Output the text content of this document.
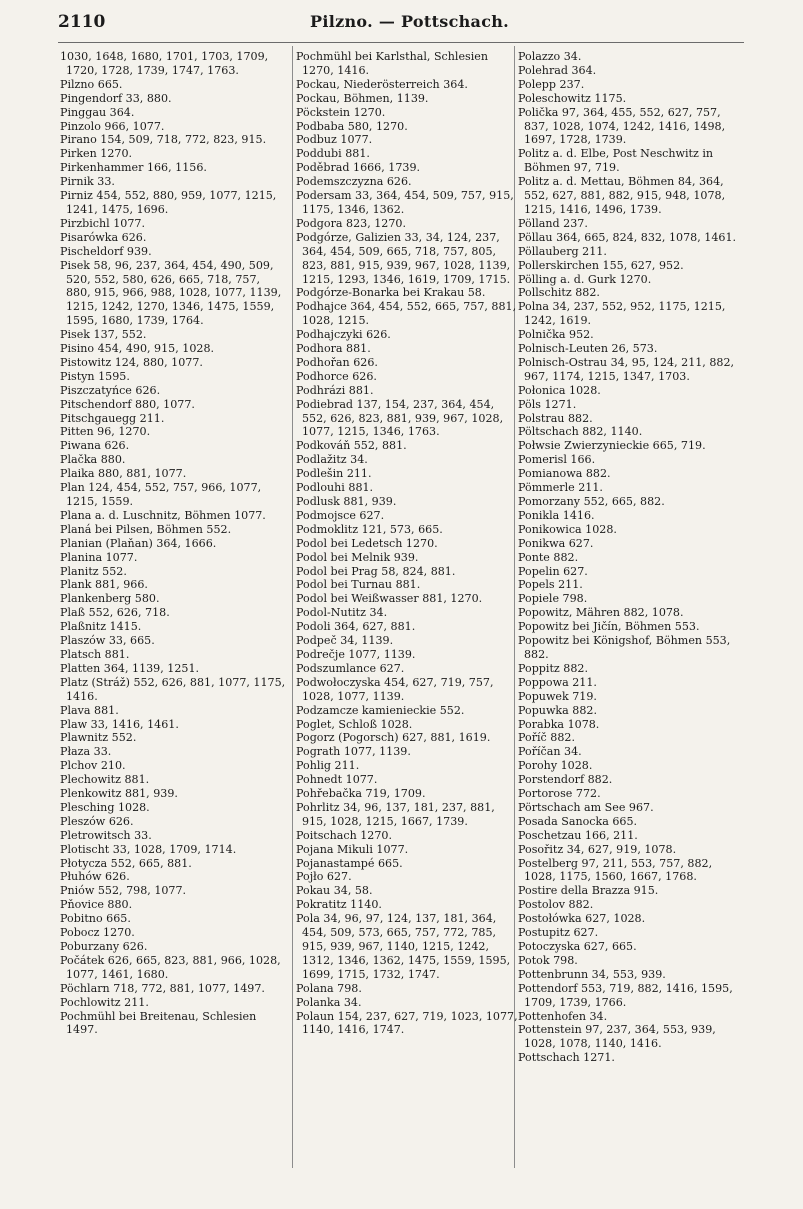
2110	Pilzno. — Pottschach.
1030, 1648, 1680, 1701, 1703, 1709, 1720, 1728, 1739, 1747, 1763.
Pilzno 665.
Pingendorf 33, 880.
Pinggau 364.
Pinzolo 966, 1077.
Pirano 154, 509, 718, 772, 823, 915.
Pirken 1270.
Pirkenhammer 166, 1156.
Pirnik 33.
Pirniz 454, 552, 880, 959, 1077, 1215, 1241, 1475, 1696.
Pirzbichl 1077.
Pisarówka 626.
Pischeldorf 939.
Pisek 58, 96, 237, 364, 454, 490, 509, 520, 552, 580, 626, 665, 718, 757, 880, 915, 966, 988, 1028, 1077, 1139, 1215, 1242, 1270, 1346, 1475, 1559, 1595, 1680, 1739, 1764.
Pisek 137, 552.
Pisino 454, 490, 915, 1028.
Pistowitz 124, 880, 1077.
Pistyn 1595.
Piszczatyńce 626.
Pitschendorf 880, 1077.
Pitschgauegg 211.
Pitten 96, 1270.
Piwana 626.
Plačka 880.
Plaika 880, 881, 1077.
Plan 124, 454, 552, 757, 966, 1077, 1215, 1559.
Plana a. d. Luschnitz, Böhmen 1077.
Planá bei Pilsen, Böhmen 552.
Planian (Plaňan) 364, 1666.
Planina 1077.
Planitz 552.
Plank 881, 966.
Plankenberg 580.
Plaß 552, 626, 718.
Plaßnitz 1415.
Plaszów 33, 665.
Platsch 881.
Platten 364, 1139, 1251.
Platz (Stráž) 552, 626, 881, 1077, 1175, 1416.
Plava 881.
Plaw 33, 1416, 1461.
Plawnitz 552.
Płaza 33.
Plchov 210.
Plechowitz 881.
Plenkowitz 881, 939.
Plesching 1028.
Pleszów 626.
Pletrowitsch 33.
Plotischt 33, 1028, 1709, 1714.
Płotycza 552, 665, 881.
Płuhów 626.
Pniów 552, 798, 1077.
Pňovice 880.
Pobitno 665.
Pobocz 1270.
Poburzany 626.
Počátek 626, 665, 823, 881, 966, 1028, 1077, 1461, 1680.
Pöchlarn 718, 772, 881, 1077, 1497.
Pochlowitz 211.
Pochmühl bei Breitenau, Schlesien 1497.
Pochmühl bei Karlsthal, Schlesien 1270, 1416.
Pockau, Niederösterreich 364.
Pockau, Böhmen, 1139.
Pöckstein 1270.
Podbaba 580, 1270.
Podbuz 1077.
Poddubi 881.
Poděbrad 1666, 1739.
Podemszczyzna 626.
Podersam 33, 364, 454, 509, 757, 915, 1175, 1346, 1362.
Podgora 823, 1270.
Podgórze, Galizien 33, 34, 124, 237, 364, 454, 509, 665, 718, 757, 805, 823, 881, 915, 939, 967, 1028, 1139, 1215, 1293, 1346, 1619, 1709, 1715.
Podgórze-Bonarka bei Krakau 58.
Podhajce 364, 454, 552, 665, 757, 881, 1028, 1215.
Podhajczyki 626.
Podhora 881.
Podhořan 626.
Podhorce 626.
Podhrázi 881.
Podiebrad 137, 154, 237, 364, 454, 552, 626, 823, 881, 939, 967, 1028, 1077, 1215, 1346, 1763.
Podkováň 552, 881.
Podlažitz 34.
Podlešin 211.
Podlouhi 881.
Podlusk 881, 939.
Podmojsce 627.
Podmoklitz 121, 573, 665.
Podol bei Ledetsch 1270.
Podol bei Melnik 939.
Podol bei Prag 58, 824, 881.
Podol bei Turnau 881.
Podol bei Weißwasser 881, 1270.
Podol-Nutitz 34.
Podoli 364, 627, 881.
Podpeč 34, 1139.
Podrečje 1077, 1139.
Podszumlance 627.
Podwołoczyska 454, 627, 719, 757, 1028, 1077, 1139.
Podzamcze kamienieckie 552.
Poglet, Schloß 1028.
Pogorz (Pogorsch) 627, 881, 1619.
Pograth 1077, 1139.
Pohlig 211.
Pohnedt 1077.
Pohřebačka 719, 1709.
Pohrlitz 34, 96, 137, 181, 237, 881, 915, 1028, 1215, 1667, 1739.
Poitschach 1270.
Pojana Mikuli 1077.
Pojanastampé 665.
Pojło 627.
Pokau 34, 58.
Pokratitz 1140.
Pola 34, 96, 97, 124, 137, 181, 364, 454, 509, 573, 665, 757, 772, 785, 915, 939, 967, 1140, 1215, 1242, 1312, 1346, 1362, 1475, 1559, 1595, 1699, 1715, 1732, 1747.
Polana 798.
Polanka 34.
Polaun 154, 237, 627, 719, 1023, 1077, 1140, 1416, 1747.
Polazzo 34.
Polehrad 364.
Polepp 237.
Poleschowitz 1175.
Polička 97, 364, 455, 552, 627, 757, 837, 1028, 1074, 1242, 1416, 1498, 1697, 1728, 1739.
Politz a. d. Elbe, Post Neschwitz in Böhmen 97, 719.
Politz a. d. Mettau, Böhmen 84, 364, 552, 627, 881, 882, 915, 948, 1078, 1215, 1416, 1496, 1739.
Pölland 237.
Pöllau 364, 665, 824, 832, 1078, 1461.
Pöllauberg 211.
Pollerskirchen 155, 627, 952.
Pölling a. d. Gurk 1270.
Pollschitz 882.
Polna 34, 237, 552, 952, 1175, 1215, 1242, 1619.
Polnička 952.
Polnisch-Leuten 26, 573.
Polnisch-Ostrau 34, 95, 124, 211, 882, 967, 1174, 1215, 1347, 1703.
Połonica 1028.
Pöls 1271.
Polstrau 882.
Pöltschach 882, 1140.
Połwsie Zwierzynieckie 665, 719.
Pomerisl 166.
Pomianowa 882.
Pömmerle 211.
Pomorzany 552, 665, 882.
Ponikla 1416.
Ponikowica 1028.
Ponikwa 627.
Ponte 882.
Popelin 627.
Popels 211.
Popiele 798.
Popowitz, Mähren 882, 1078.
Popowitz bei Jičín, Böhmen 553.
Popowitz bei Königshof, Böhmen 553, 882.
Poppitz 882.
Poppowa 211.
Popuwek 719.
Popuwka 882.
Porabka 1078.
Poříč 882.
Poříčan 34.
Porohy 1028.
Porstendorf 882.
Portorose 772.
Pörtschach am See 967.
Posada Sanocka 665.
Poschetzau 166, 211.
Posořitz 34, 627, 919, 1078.
Postelberg 97, 211, 553, 757, 882, 1028, 1175, 1560, 1667, 1768.
Postire della Brazza 915.
Postolov 882.
Postołówka 627, 1028.
Postupitz 627.
Potoczyska 627, 665.
Potok 798.
Pottenbrunn 34, 553, 939.
Pottendorf 553, 719, 882, 1416, 1595, 1709, 1739, 1766.
Pottenhofen 34.
Pottenstein 97, 237, 364, 553, 939, 1028, 1078, 1140, 1416.
Pottschach 1271.
